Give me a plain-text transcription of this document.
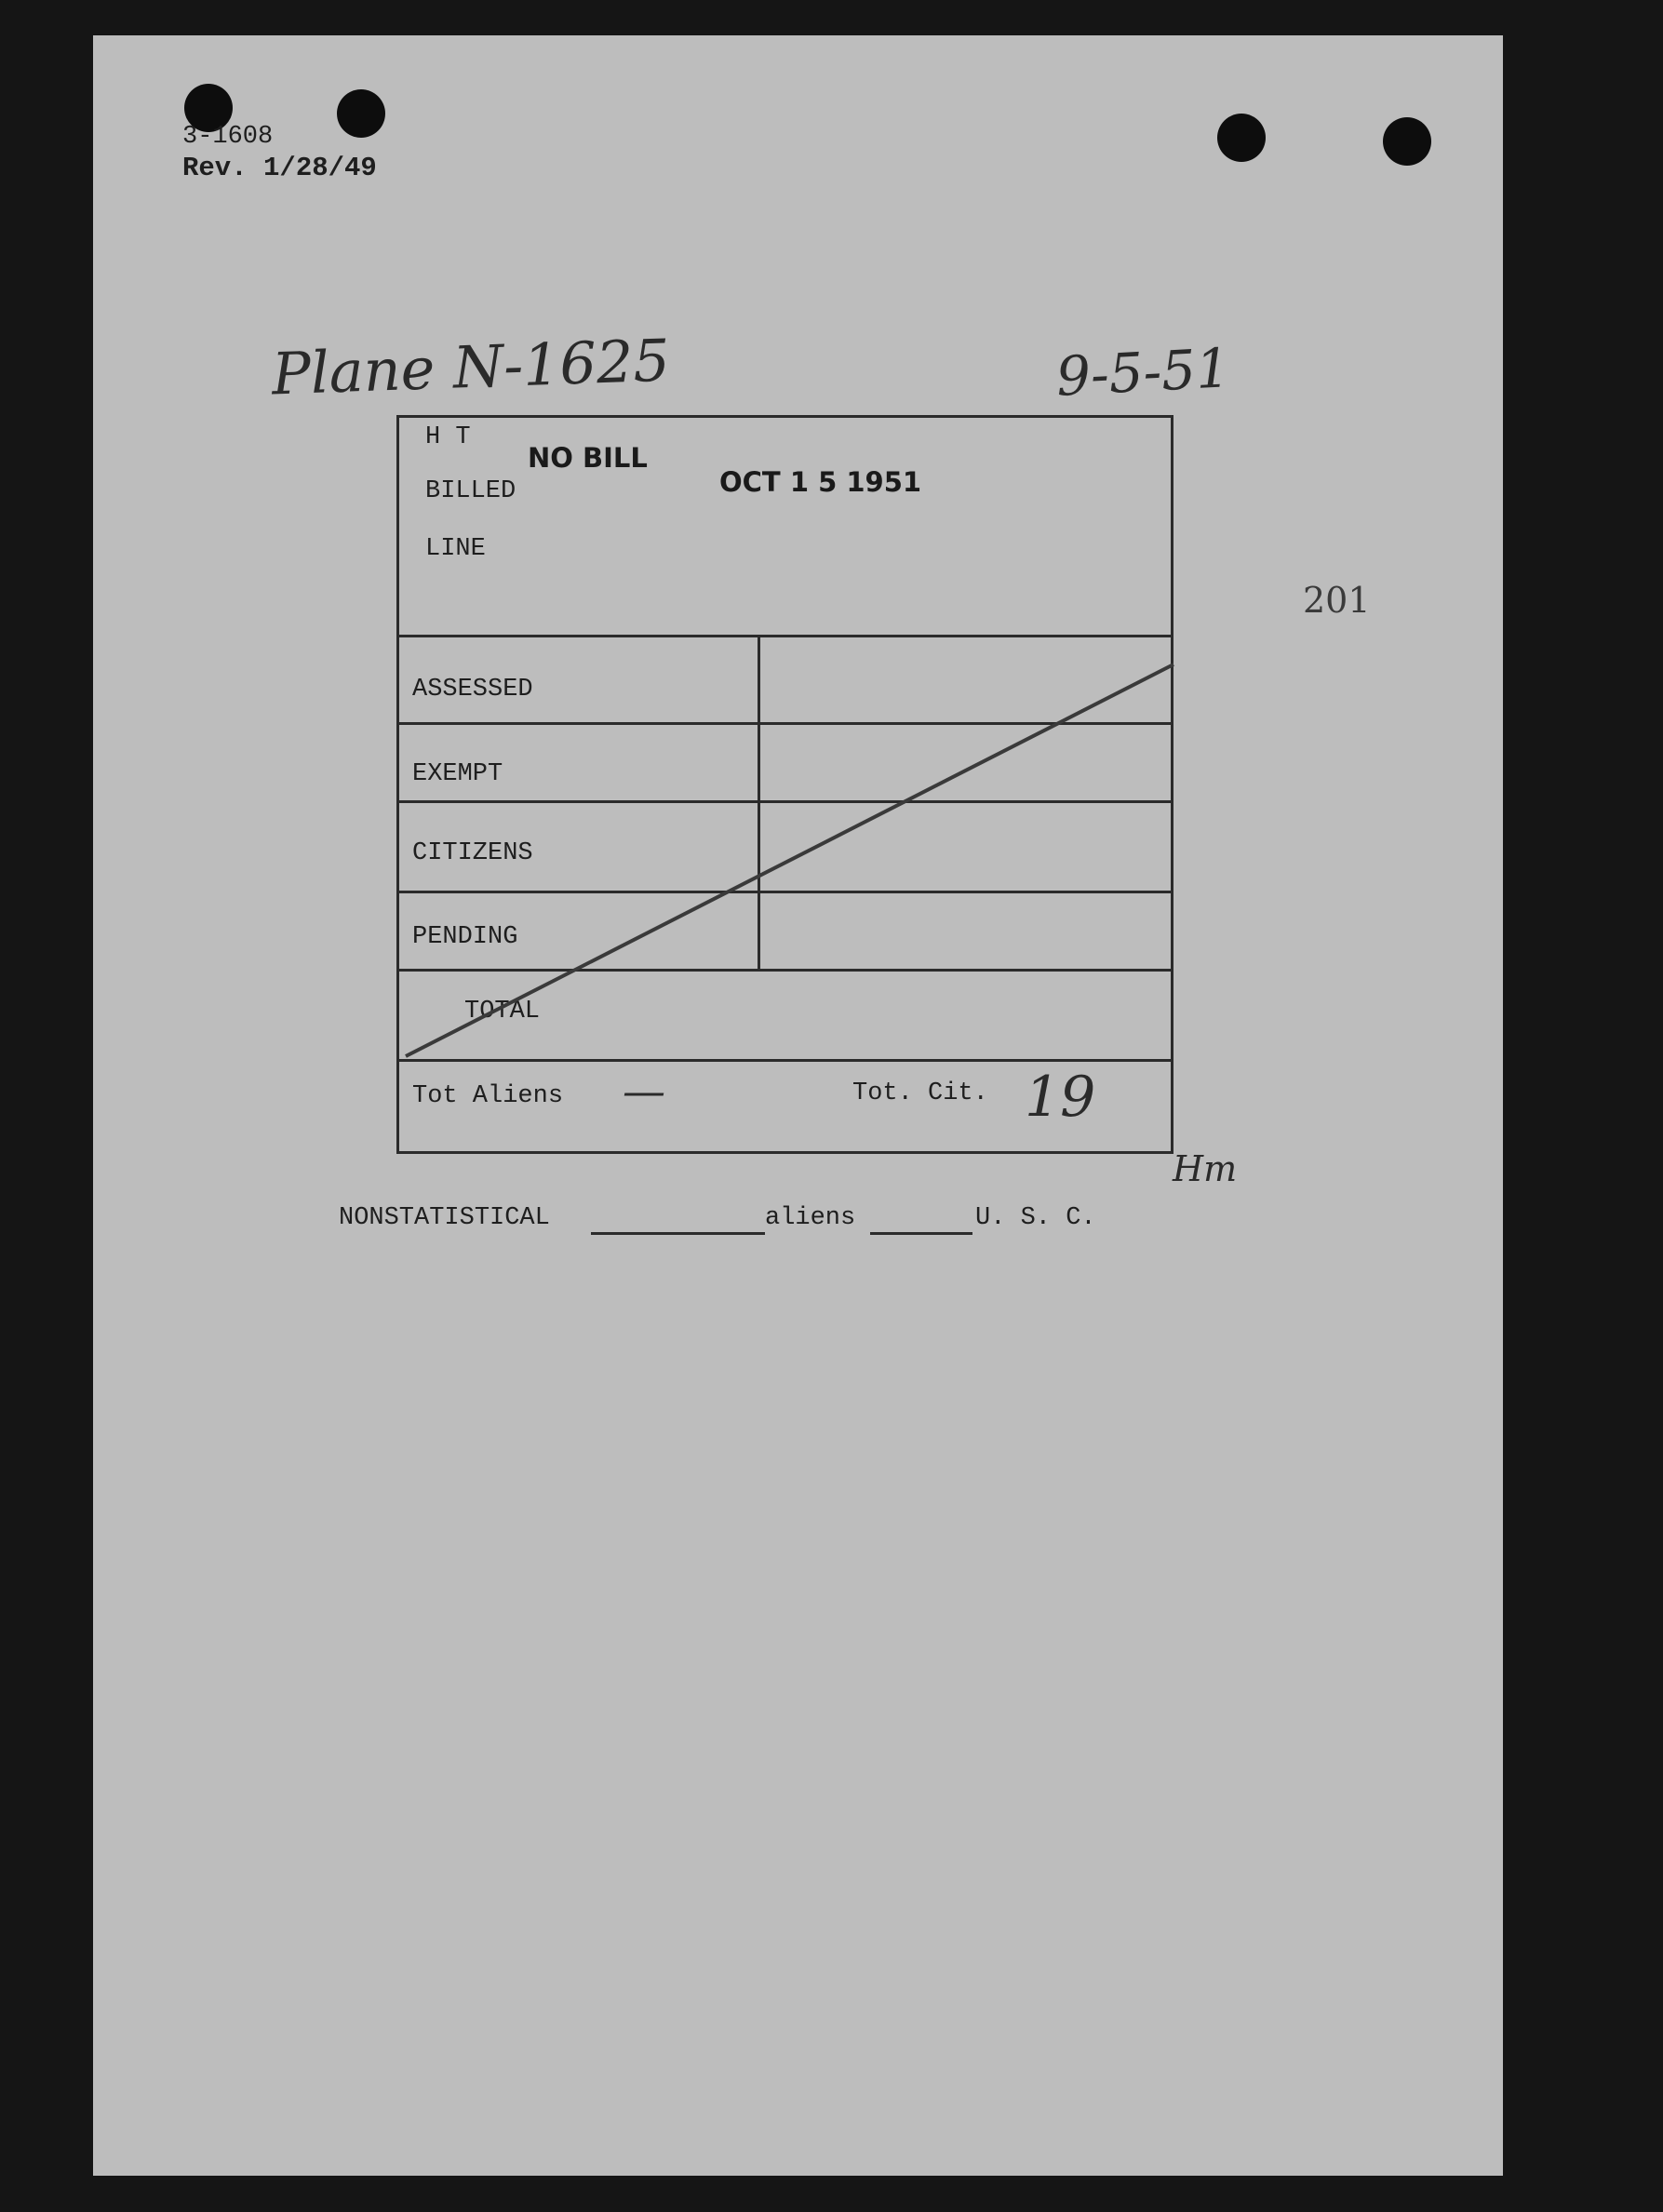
3-1608
Rev. 1/28/49
Plane N-1625	9-5-51
201
H T
BILLED
LINE
NO BILL
OCT 1 5 1951
ASSESSED
EXEMPT
CITIZENS
PENDING
TOTAL
Tot Aliens —	Tot. Cit. 19
Hm
NONSTATISTICAL	aliens	U. S. C.
